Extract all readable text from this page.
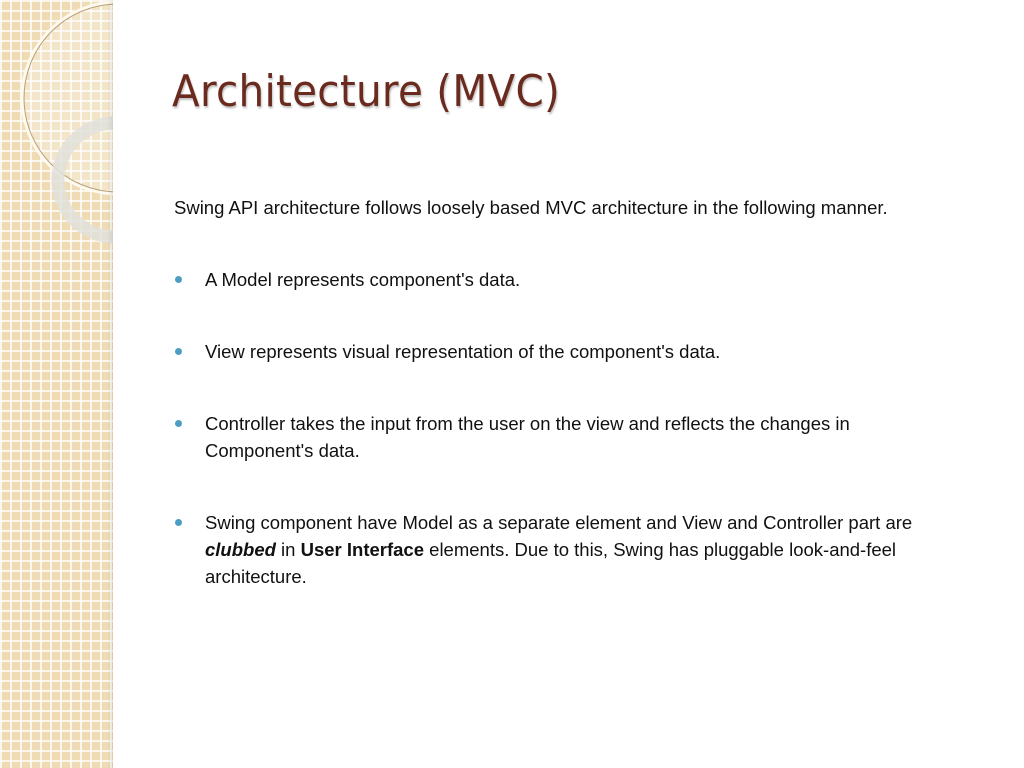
Architecture (MVC)

Swing API architecture follows loosely based MVC architecture in the following manner.

A Model represents component's data.
View represents visual representation of the component's data.
Controller takes the input from the user on the view and reflects the changes in Component's data.
Swing component have Model as a separate element and View and Controller part are clubbed in User Interface elements. Due to this, Swing has pluggable look-and-feel architecture.
